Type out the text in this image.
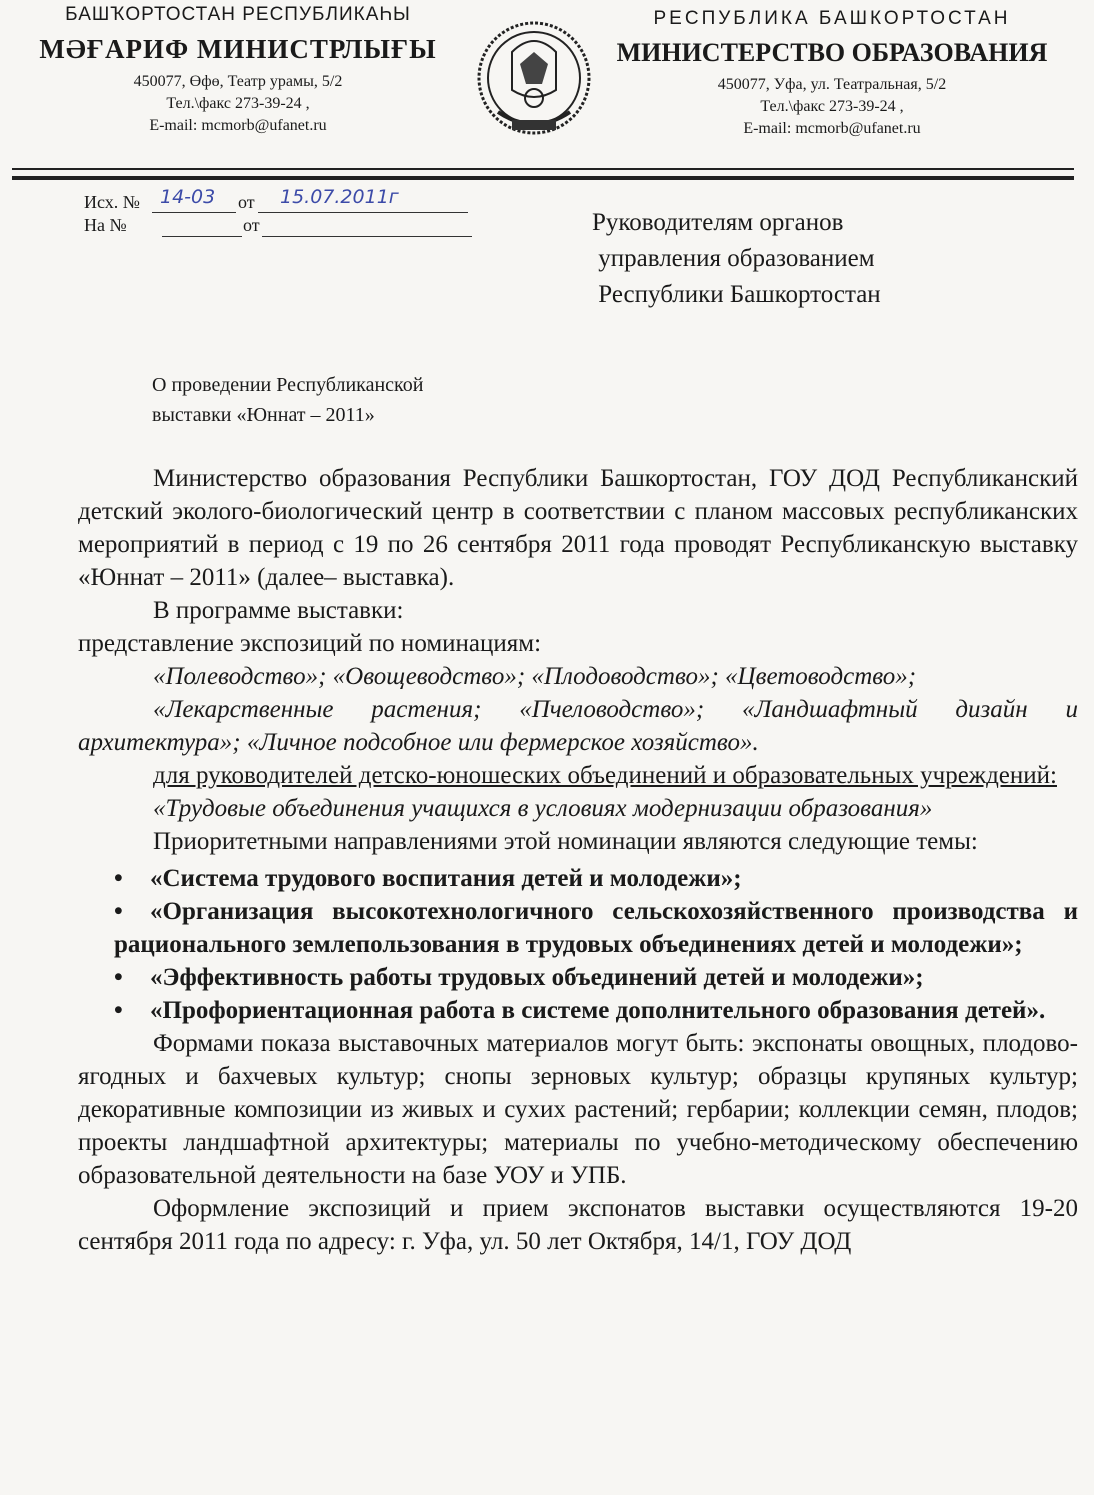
БАШҠОРТОСТАН РЕСПУБЛИКАҺЫ
МӘҒАРИФ МИНИСТРЛЫҒЫ
450077, Өфө, Театр урамы, 5/2
Тел.\факс 273-39-24 ,
E-mail: mcmorb@ufanet.ru
РЕСПУБЛИКА БАШКОРТОСТАН
МИНИСТЕРСТВО ОБРАЗОВАНИЯ
450077, Уфа, ул. Театральная, 5/2
Тел.\факс 273-39-24 ,
E-mail: mcmorb@ufanet.ru
Исх. № 14-03 от 15.07.2011г
На №	от	Руководителям органов
управления образованием
Республики Башкортостан
О проведении Республиканской
выставки «Юннат – 2011»

Министерство образования Республики Башкортостан, ГОУ ДОД Республиканский детский эколого-биологический центр в соответствии с планом массовых республиканских мероприятий в период с 19 по 26 сентября 2011 года проводят Республиканскую выставку «Юннат – 2011» (далее– выставка).

В программе выставки:

представление экспозиций по номинациям:

«Полеводство»; «Овощеводство»; «Плодоводство»; «Цветоводство»;

«Лекарственные растения; «Пчеловодство»; «Ландшафтный дизайн и архитектура»; «Личное подсобное или фермерское хозяйство».

для руководителей детско-юношеских объединений и образовательных учреждений:

«Трудовые объединения учащихся в условиях модернизации образования»

Приоритетными направлениями этой номинации являются следующие темы:

• «Система трудового воспитания детей и молодежи»;
• «Организация высокотехнологичного сельскохозяйственного производства и рационального землепользования в трудовых объединениях детей и молодежи»;
• «Эффективность работы трудовых объединений детей и молодежи»;
• «Профориентационная работа в системе дополнительного образования детей».

Формами показа выставочных материалов могут быть: экспонаты овощных, плодово-ягодных и бахчевых культур; снопы зерновых культур; образцы крупяных культур; декоративные композиции из живых и сухих растений; гербарии; коллекции семян, плодов; проекты ландшафтной архитектуры; материалы по учебно-методическому обеспечению образовательной деятельности на базе УОУ и УПБ.

Оформление экспозиций и прием экспонатов выставки осуществляются 19-20 сентября 2011 года по адресу: г. Уфа, ул. 50 лет Октября, 14/1, ГОУ ДОД
